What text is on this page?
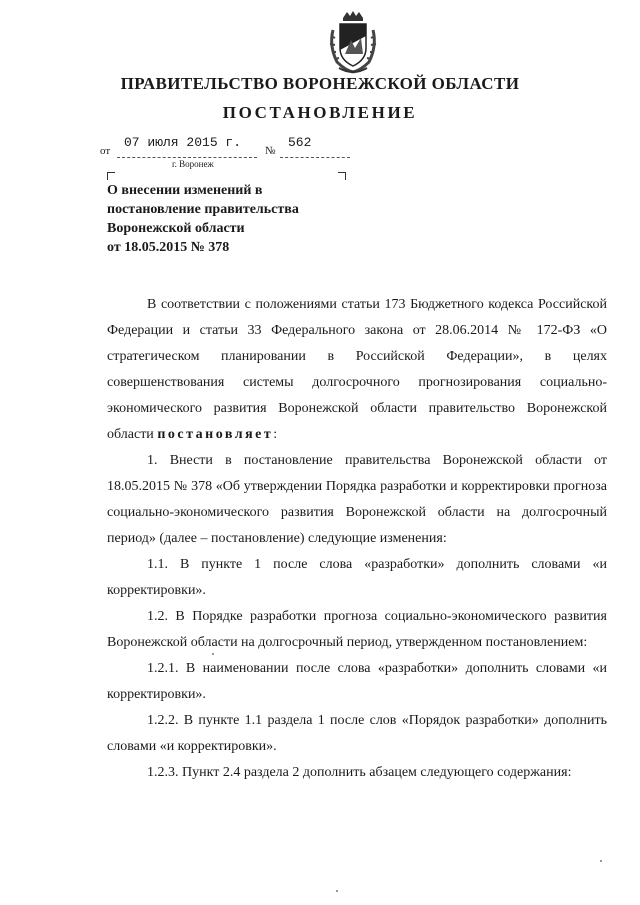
ПРАВИТЕЛЬСТВО ВОРОНЕЖСКОЙ ОБЛАСТИ
ПОСТАНОВЛЕНИЕ
от
07 июля 2015 г.
№
562
г. Воронеж
О внесении изменений в
постановление правительства
Воронежской области
от 18.05.2015 № 378

В соответствии с положениями статьи 173 Бюджетного кодекса Российской Федерации и статьи 33 Федерального закона от 28.06.2014 № 172-ФЗ «О стратегическом планировании в Российской Федерации», в целях совершенствования системы долгосрочного прогнозирования социально-экономического развития Воронежской области правительство Воронежской области постановляет:

1. Внести в постановление правительства Воронежской области от 18.05.2015 № 378 «Об утверждении Порядка разработки и корректировки прогноза социально-экономического развития Воронежской области на долгосрочный период» (далее – постановление) следующие изменения:

1.1. В пункте 1 после слова «разработки» дополнить словами «и корректировки».

1.2. В Порядке разработки прогноза социально-экономического развития Воронежской области на долгосрочный период, утвержденном постановлением:

1.2.1. В наименовании после слова «разработки» дополнить словами «и корректировки».

1.2.2. В пункте 1.1 раздела 1 после слов «Порядок разработки» дополнить словами «и корректировки».

1.2.3. Пункт 2.4 раздела 2 дополнить абзацем следующего содержания:
